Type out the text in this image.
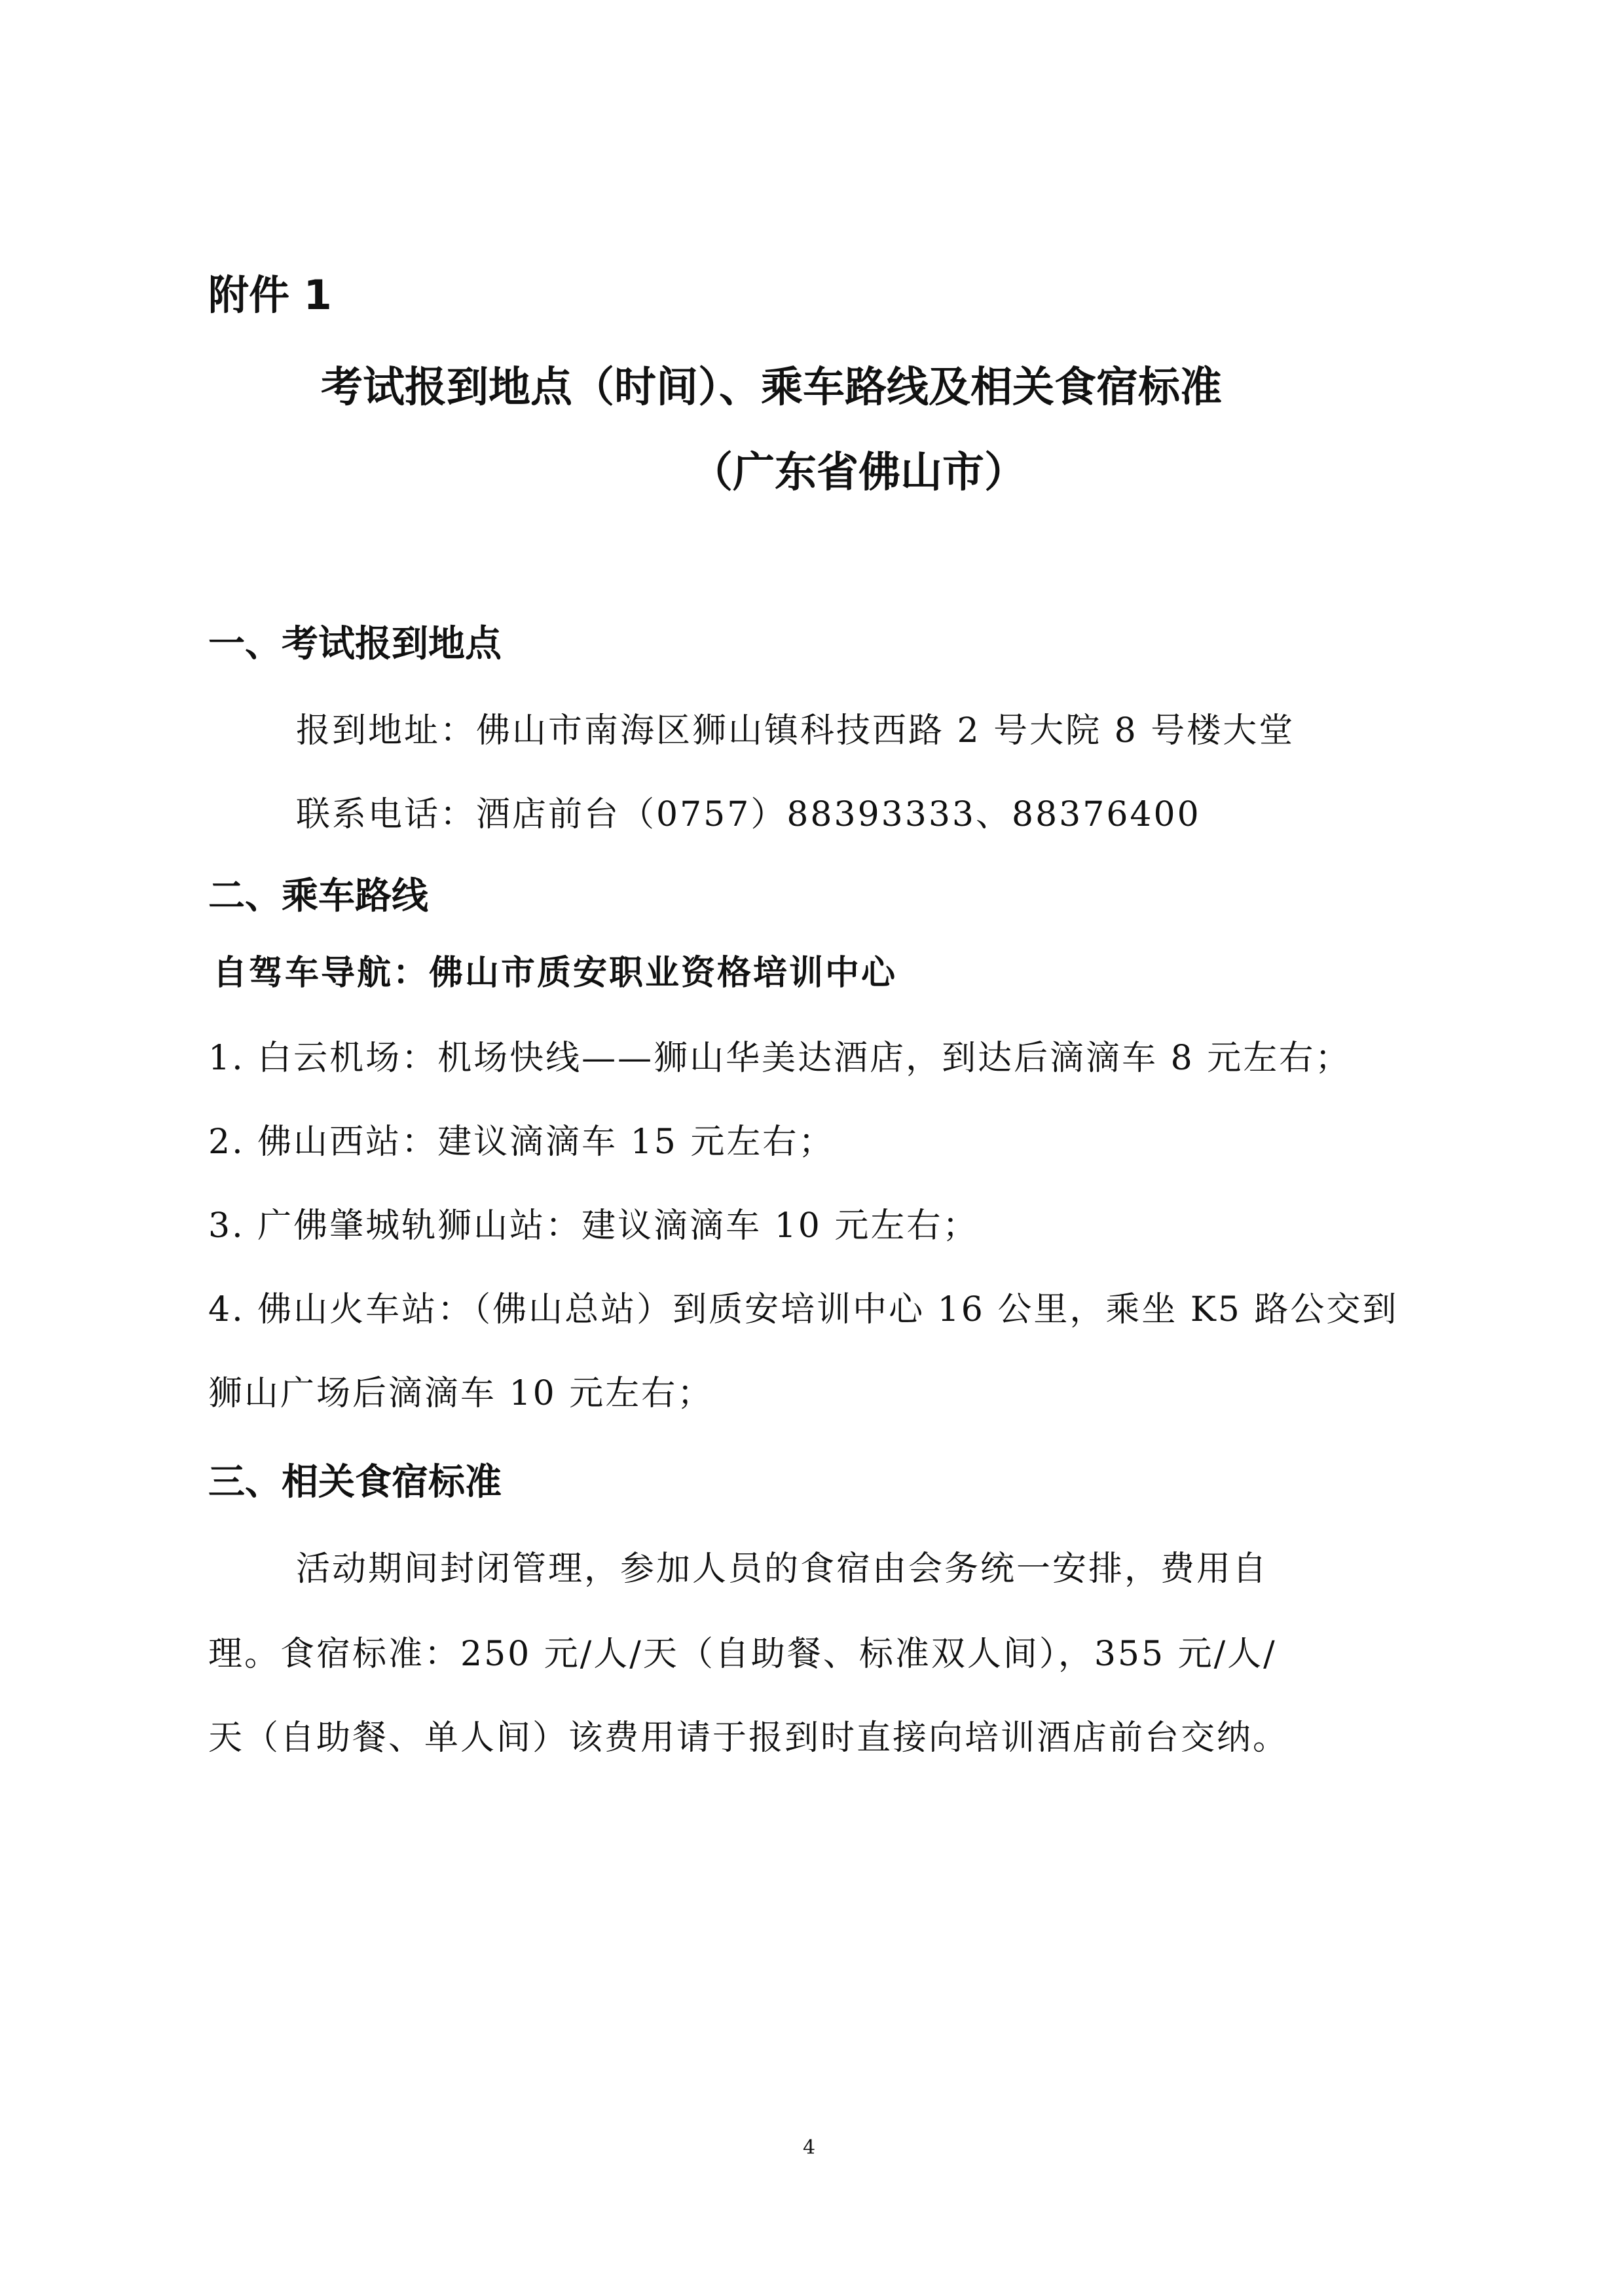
附件 1
考试报到地点（时间）、乘车路线及相关食宿标准
（广东省佛山市）
一、考试报到地点
报到地址：佛山市南海区狮山镇科技西路 2 号大院 8 号楼大堂
联系电话：酒店前台（0757）88393333、88376400
二、乘车路线
自驾车导航：佛山市质安职业资格培训中心
1. 白云机场：机场快线——狮山华美达酒店，到达后滴滴车 8 元左右；
2. 佛山西站：建议滴滴车 15 元左右；
3. 广佛肇城轨狮山站：建议滴滴车 10 元左右；
4. 佛山火车站：（佛山总站）到质安培训中心 16 公里，乘坐 K5 路公交到
狮山广场后滴滴车 10 元左右；
三、相关食宿标准
活动期间封闭管理，参加人员的食宿由会务统一安排，费用自
理。食宿标准：250 元/人/天（自助餐、标准双人间），355 元/人/
天（自助餐、单人间）该费用请于报到时直接向培训酒店前台交纳。
4
